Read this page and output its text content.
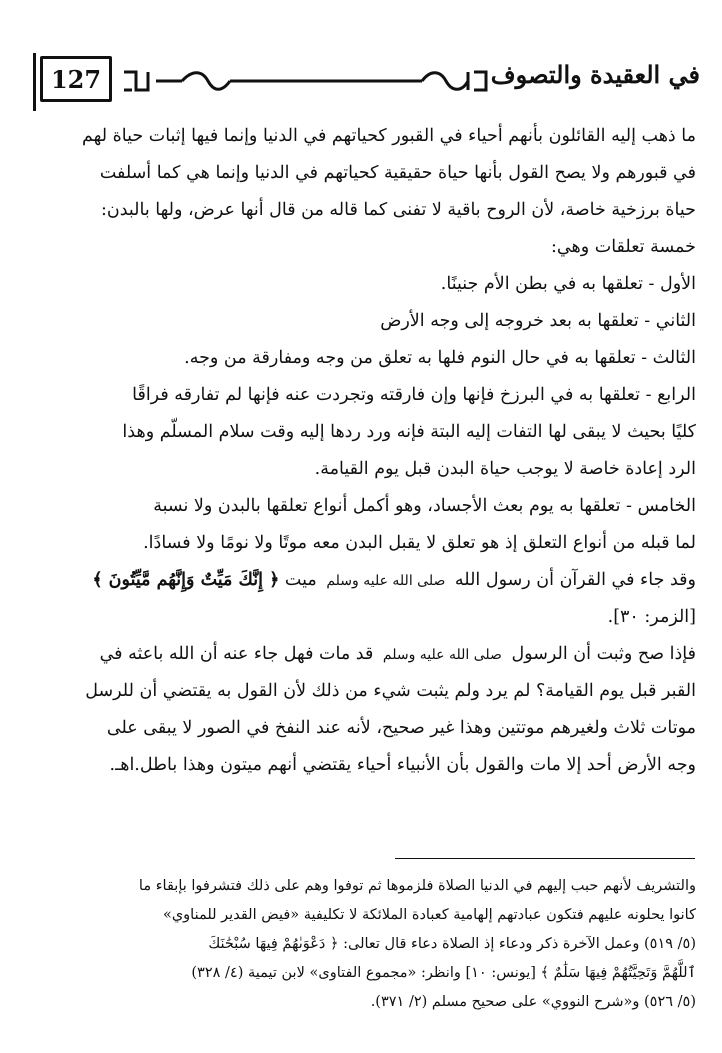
127	في العقيدة والتصوف
ما ذهب إليه القائلون بأنهم أحياء في القبور كحياتهم في الدنيا وإنما فيها إثبات حياة لهم
في قبورهم ولا يصح القول بأنها حياة حقيقية كحياتهم في الدنيا وإنما هي كما أسلفت
حياة برزخية خاصة، لأن الروح باقية لا تفنى كما قاله من قال أنها عرض، ولها بالبدن:
خمسة تعلقات وهي:
الأول - تعلقها به في بطن الأم جنينًا.
الثاني - تعلقها به بعد خروجه إلى وجه الأرض
الثالث - تعلقها به في حال النوم فلها به تعلق من وجه ومفارقة من وجه.
الرابع - تعلقها به في البرزخ فإنها وإن فارقته وتجردت عنه فإنها لم تفارقه فراقًا
كليًا بحيث لا يبقى لها التفات إليه البتة فإنه ورد ردها إليه وقت سلام المسلّم وهذا
الرد إعادة خاصة لا يوجب حياة البدن قبل يوم القيامة.
الخامس - تعلقها به يوم بعث الأجساد، وهو أكمل أنواع تعلقها بالبدن ولا نسبة
لما قبله من أنواع التعلق إذ هو تعلق لا يقبل البدن معه موتًا ولا نومًا ولا فسادًا.
وقد جاء في القرآن أن رسول الله صلى الله عليه وسلم ميت ﴿ إِنَّكَ مَيِّتٌ وَإِنَّهُم مَّيِّتُونَ ﴾
[الزمر: ٣٠].
فإذا صح وثبت أن الرسول صلى الله عليه وسلم قد مات فهل جاء عنه أن الله باعثه في
القبر قبل يوم القيامة؟ لم يرد ولم يثبت شيء من ذلك لأن القول به يقتضي أن للرسل
موتات ثلاث ولغيرهم موتتين وهذا غير صحيح، لأنه عند النفخ في الصور لا يبقى على
وجه الأرض أحد إلا مات والقول بأن الأنبياء أحياء يقتضي أنهم ميتون وهذا باطل.اهـ.
والتشريف لأنهم حبب إليهم في الدنيا الصلاة فلزموها ثم توفوا وهم على ذلك فتشرفوا بإبقاء ما
كانوا يحلونه عليهم فتكون عبادتهم إلهامية كعبادة الملائكة لا تكليفية «فيض القدير للمناوي»
(٥/ ٥١٩) وعمل الآخرة ذكر ودعاء إذ الصلاة دعاء قال تعالى: ﴿ دَعْوَىٰهُمْ فِيهَا سُبْحَٰنَكَ
ٱللَّهُمَّ وَتَحِيَّتُهُمْ فِيهَا سَلَٰمٌ ﴾ [يونس: ١٠] وانظر: «مجموع الفتاوى» لابن تيمية (٤/ ٣٢٨)
(٥/ ٥٢٦) و«شرح النووي» على صحيح مسلم (٢/ ٣٧١).
